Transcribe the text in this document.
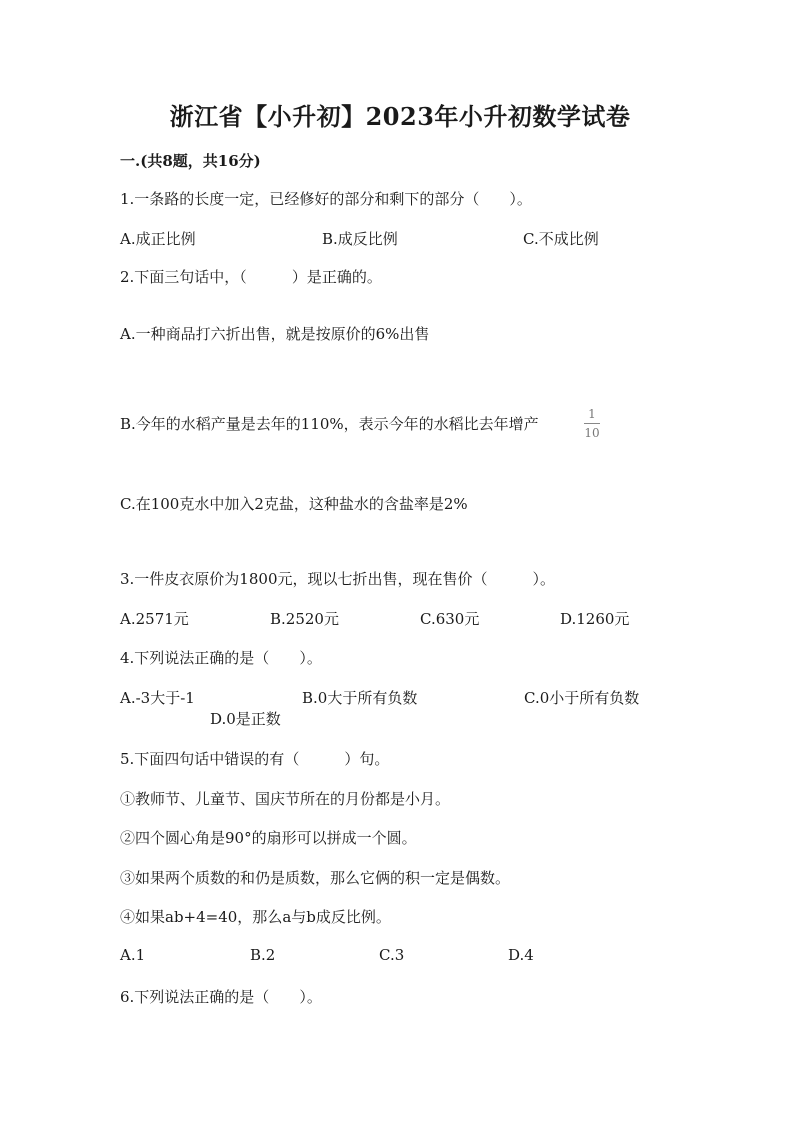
浙江省【小升初】2023年小升初数学试卷
一.(共8题，共16分)
1.一条路的长度一定，已经修好的部分和剩下的部分（　　）。
A.成正比例	B.成反比例	C.不成比例
2.下面三句话中，（　　　）是正确的。
A.一种商品打六折出售，就是按原价的6%出售
B.今年的水稻产量是去年的110%，表示今年的水稻比去年增产
1
10
C.在100克水中加入2克盐，这种盐水的含盐率是2%
3.一件皮衣原价为1800元，现以七折出售，现在售价（　　　）。
A.2571元	B.2520元	C.630元	D.1260元
4.下列说法正确的是（　　）。
A.-3大于-1	B.0大于所有负数	C.0小于所有负数
D.0是正数
5.下面四句话中错误的有（　　　）句。
①教师节、儿童节、国庆节所在的月份都是小月。
②四个圆心角是90°的扇形可以拼成一个圆。
③如果两个质数的和仍是质数，那么它俩的积一定是偶数。
④如果ab+4=40，那么a与b成反比例。
A.1	B.2	C.3	D.4
6.下列说法正确的是（　　）。
